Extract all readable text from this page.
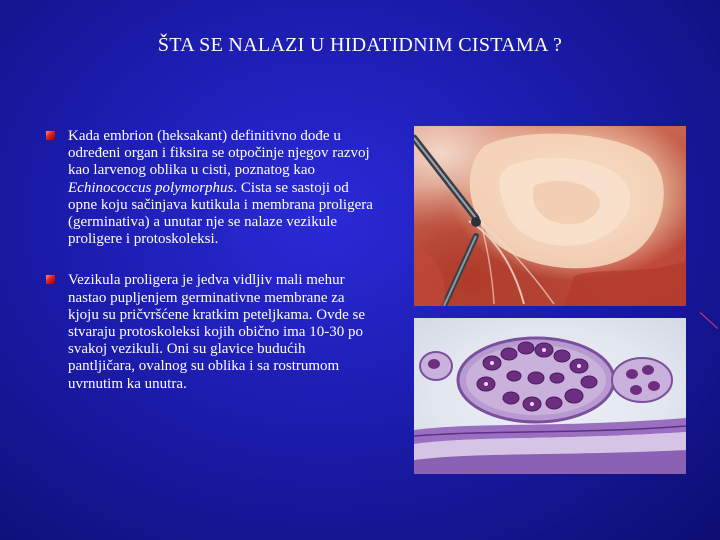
ŠTA SE NALAZI U HIDATIDNIM CISTAMA ?
Kada embrion (heksakant) definitivno dođe u određeni organ i fiksira se otpočinje njegov razvoj kao larvenog oblika u cisti, poznatog kao Echinococcus polymorphus. Cista se sastoji od opne koju sačinjava kutikula i membrana proligera (germinativa) a unutar nje se nalaze vezikule proligere i protoskoleksi.
Vezikula proligera je jedva vidljiv mali mehur nastao pupljenjem germinativne membrane za kjoju su pričvršćene kratkim peteljkama. Ovde se stvaraju protoskoleksi kojih obično ima 10-30 po svakoj vezikuli. Oni su glavice budućih pantljičara, ovalnog su oblika i sa rostrumom uvrnutim ka unutra.
